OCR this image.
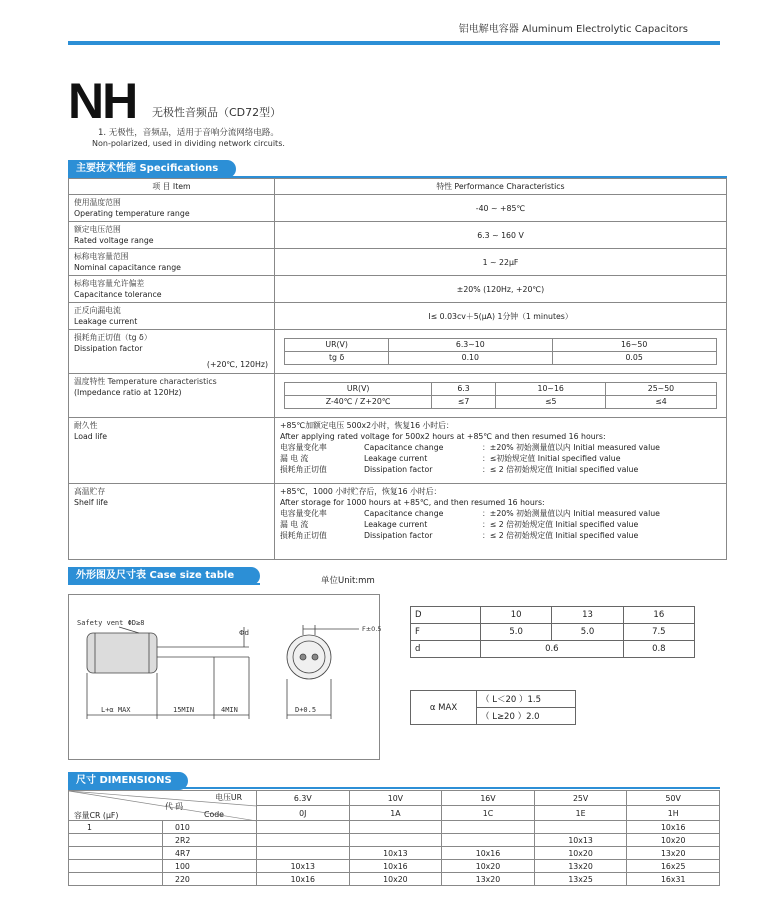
铝电解电容器 Aluminum Electrolytic Capacitors
NH 无极性音频品（CD72型）
1. 无极性，音频品，适用于音响分流网络电路。
Non-polarized, used in dividing network circuits.
主要技术性能 Specifications
项 目 Item	特性 Performance Characteristics

使用温度范围
Operating temperature range	-40 ~ +85℃

额定电压范围
Rated voltage range	6.3 ~ 160 V

标称电容量范围
Nominal capacitance range	1 ~ 22μF

标称电容量允许偏差
Capacitance tolerance	±20% (120Hz, +20℃)

正反向漏电流
Leakage current	I≤ 0.03cv＋5(μA) 1分钟（1 minutes）

损耗角正切值（tg δ）
Dissipation factor
(+20℃, 120Hz)

UR(V)	6.3~10	16~50
tg δ	0.10	0.05

温度特性 Temperature characteristics
(Impedance ratio at 120Hz)		UR(V)	6.3	10~16	25~50
Z-40℃ / Z+20℃	≤7	≤5	≤4

耐久性
Load life	
+85℃加额定电压 500x2小时，恢复16 小时后：
After applying rated voltage for 500x2 hours at +85℃ and then resumed 16 hours:
电容量变化率	Capacitance change	：±20% 初始测量值以内 Initial measured value
漏 电 流	Leakage current	：≤初始规定值 Initial specified value
损耗角正切值	Dissipation factor	：≤ 2 倍初始规定值 Initial specified value

高温贮存
Shelf life	
+85℃，1000 小时贮存后，恢复16 小时后：
After storage for 1000 hours at +85℃, and then resumed 16 hours:
电容量变化率	Capacitance change	：±20% 初始测量值以内 Initial measured value
漏 电 流	Leakage current	：≤ 2 倍初始规定值 Initial specified value
损耗角正切值	Dissipation factor	：≤ 2 倍初始规定值 Initial specified value
外形图及尺寸表 Case size table	单位Unit:mm
Safety vent ΦD≥8
Φd	F±0.5
L+α MAX	15MIN	4MIN	D+0.5
D	10	13	16
F	5.0	5.0	7.5
d	0.6		0.8
α MAX	（ L＜20 ）1.5
（ L≥20 ）2.0
尺寸 DIMENSIONS
电压UR
代 码
容量CR (μF) Code		6.3V	10V	16V	25V	50V
		0J	1A	1C	1E	1H
1	010					10x16
	2R2				10x13	10x20
	4R7		10x13	10x16	10x20	13x20
	100	10x13	10x16	10x20	13x20	16x25
	220	10x16	10x20	13x20	13x25	16x31
